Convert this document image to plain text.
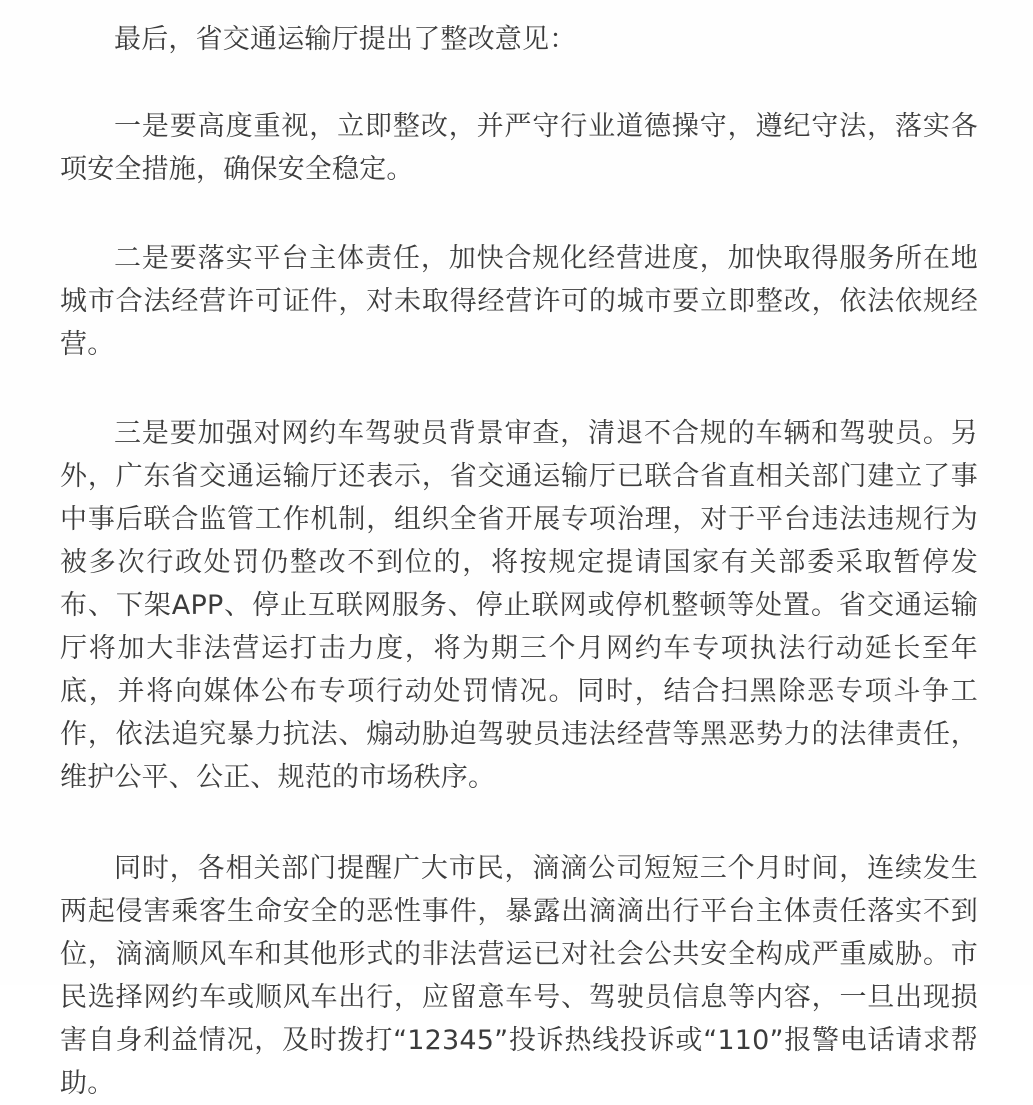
最后，省交通运输厅提出了整改意见：

一是要高度重视，立即整改，并严守行业道德操守，遵纪守法，落实各项安全措施，确保安全稳定。

二是要落实平台主体责任，加快合规化经营进度，加快取得服务所在地城市合法经营许可证件，对未取得经营许可的城市要立即整改，依法依规经营。

三是要加强对网约车驾驶员背景审查，清退不合规的车辆和驾驶员。另外，广东省交通运输厅还表示，省交通运输厅已联合省直相关部门建立了事中事后联合监管工作机制，组织全省开展专项治理，对于平台违法违规行为被多次行政处罚仍整改不到位的，将按规定提请国家有关部委采取暂停发布、下架APP、停止互联网服务、停止联网或停机整顿等处置。省交通运输厅将加大非法营运打击力度，将为期三个月网约车专项执法行动延长至年底，并将向媒体公布专项行动处罚情况。同时，结合扫黑除恶专项斗争工作，依法追究暴力抗法、煽动胁迫驾驶员违法经营等黑恶势力的法律责任，维护公平、公正、规范的市场秩序。

同时，各相关部门提醒广大市民，滴滴公司短短三个月时间，连续发生两起侵害乘客生命安全的恶性事件，暴露出滴滴出行平台主体责任落实不到位，滴滴顺风车和其他形式的非法营运已对社会公共安全构成严重威胁。市民选择网约车或顺风车出行，应留意车号、驾驶员信息等内容，一旦出现损害自身利益情况，及时拨打“12345”投诉热线投诉或“110”报警电话请求帮助。
